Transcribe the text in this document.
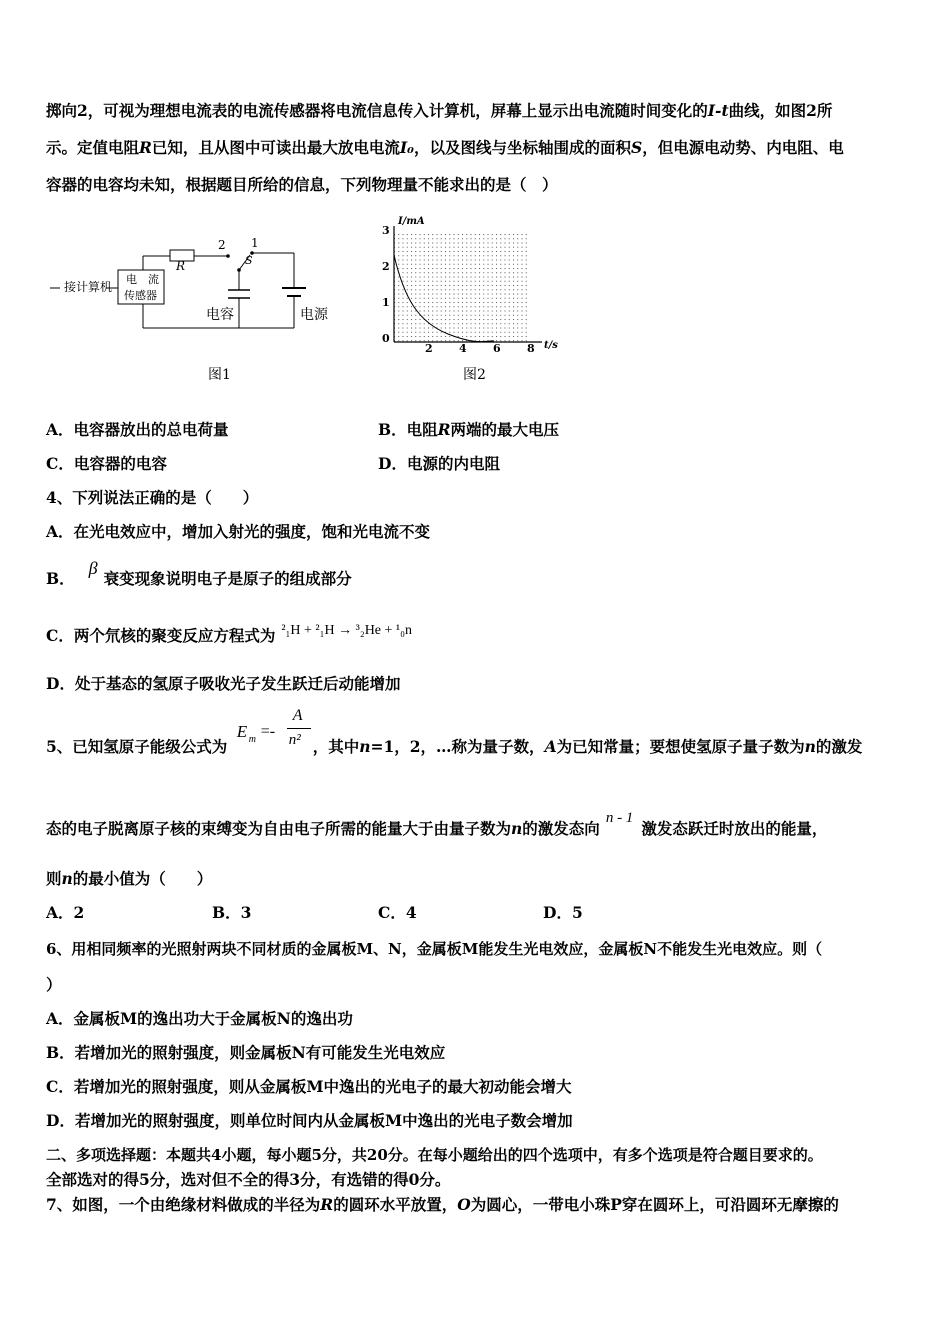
掷向2，可视为理想电流表的电流传感器将电流信息传入计算机，屏幕上显示出电流随时间变化的I-t曲线，如图2所
示。定值电阻R已知，且从图中可读出最大放电电流I₀，以及图线与坐标轴围成的面积S，但电源电动势、内电阻、电
容器的电容均未知，根据题目所给的信息，下列物理量不能求出的是（　）
接计算机
电　流
传感器
R
2 1
S
电容	电源
图1
I/mA
t/s
0
1
2
3
2 4 6 8
图2
A．电容器放出的总电荷量	B．电阻R两端的最大电压
C．电容器的电容	D．电源的内电阻
4、下列说法正确的是（　　）
A．在光电效应中，增加入射光的强度，饱和光电流不变
B．β衰变现象说明电子是原子的组成部分
C．两个氘核的聚变反应方程式为 ²₁H + ²₁H → ³₂He + ¹₀n
D．处于基态的氢原子吸收光子发生跃迁后动能增加
5、已知氢原子能级公式为
E m =-
A
n² ，其中n=1，2，…称为量子数，A为已知常量；要想使氢原子量子数为n的激发
态的电子脱离原子核的束缚变为自由电子所需的能量大于由量子数为n的激发态向n - 1激发态跃迁时放出的能量，
则n的最小值为（　　）
A．2	B．3	C．4	D．5
6、用相同频率的光照射两块不同材质的金属板M、N，金属板M能发生光电效应，金属板N不能发生光电效应。则（
）
A．金属板M的逸出功大于金属板N的逸出功
B．若增加光的照射强度，则金属板N有可能发生光电效应
C．若增加光的照射强度，则从金属板M中逸出的光电子的最大初动能会增大
D．若增加光的照射强度，则单位时间内从金属板M中逸出的光电子数会增加
二、多项选择题：本题共4小题，每小题5分，共20分。在每小题给出的四个选项中，有多个选项是符合题目要求的。
全部选对的得5分，选对但不全的得3分，有选错的得0分。
7、如图，一个由绝缘材料做成的半径为R的圆环水平放置，O为圆心，一带电小珠P穿在圆环上，可沿圆环无摩擦的
